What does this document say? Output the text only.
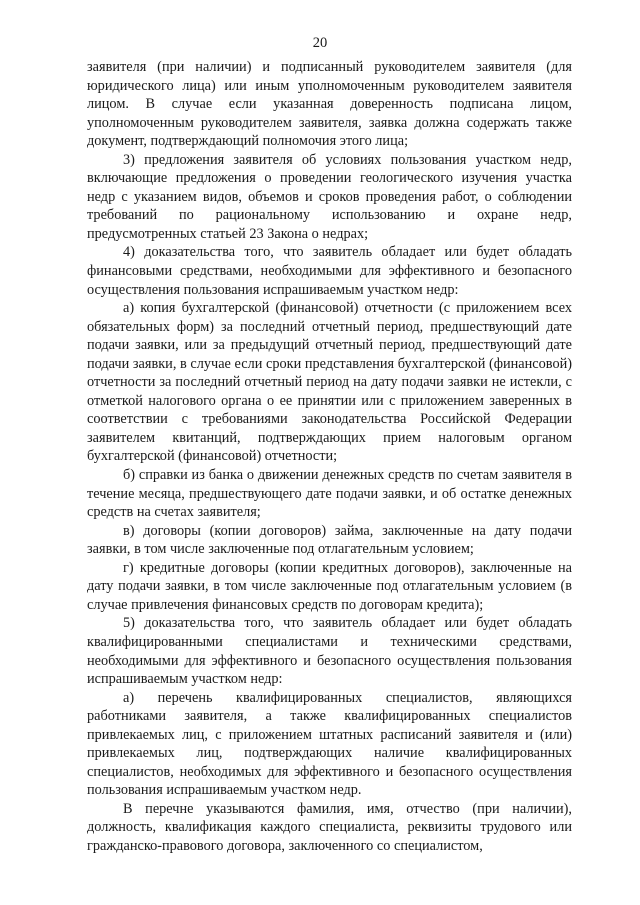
20

заявителя (при наличии) и подписанный руководителем заявителя (для юридического лица) или иным уполномоченным руководителем заявителя лицом. В случае если указанная доверенность подписана лицом, уполномоченным руководителем заявителя, заявка должна содержать также документ, подтверждающий полномочия этого лица;

3) предложения заявителя об условиях пользования участком недр, включающие предложения о проведении геологического изучения участка недр с указанием видов, объемов и сроков проведения работ, о соблюдении требований по рациональному использованию и охране недр, предусмотренных статьей 23 Закона о недрах;

4) доказательства того, что заявитель обладает или будет обладать финансовыми средствами, необходимыми для эффективного и безопасного осуществления пользования испрашиваемым участком недр:

а) копия бухгалтерской (финансовой) отчетности (с приложением всех обязательных форм) за последний отчетный период, предшествующий дате подачи заявки, или за предыдущий отчетный период, предшествующий дате подачи заявки, в случае если сроки представления бухгалтерской (финансовой) отчетности за последний отчетный период на дату подачи заявки не истекли, с отметкой налогового органа о ее принятии или с приложением заверенных в соответствии с требованиями законодательства Российской Федерации заявителем квитанций, подтверждающих прием налоговым органом бухгалтерской (финансовой) отчетности;

б) справки из банка о движении денежных средств по счетам заявителя в течение месяца, предшествующего дате подачи заявки, и об остатке денежных средств на счетах заявителя;

в) договоры (копии договоров) займа, заключенные на дату подачи заявки, в том числе заключенные под отлагательным условием;

г) кредитные договоры (копии кредитных договоров), заключенные на дату подачи заявки, в том числе заключенные под отлагательным условием (в случае привлечения финансовых средств по договорам кредита);

5) доказательства того, что заявитель обладает или будет обладать квалифицированными специалистами и техническими средствами, необходимыми для эффективного и безопасного осуществления пользования испрашиваемым участком недр:

а) перечень квалифицированных специалистов, являющихся работниками заявителя, а также квалифицированных специалистов привлекаемых лиц, с приложением штатных расписаний заявителя и (или) привлекаемых лиц, подтверждающих наличие квалифицированных специалистов, необходимых для эффективного и безопасного осуществления пользования испрашиваемым участком недр.

В перечне указываются фамилия, имя, отчество (при наличии), должность, квалификация каждого специалиста, реквизиты трудового или гражданско-правового договора, заключенного со специалистом,
